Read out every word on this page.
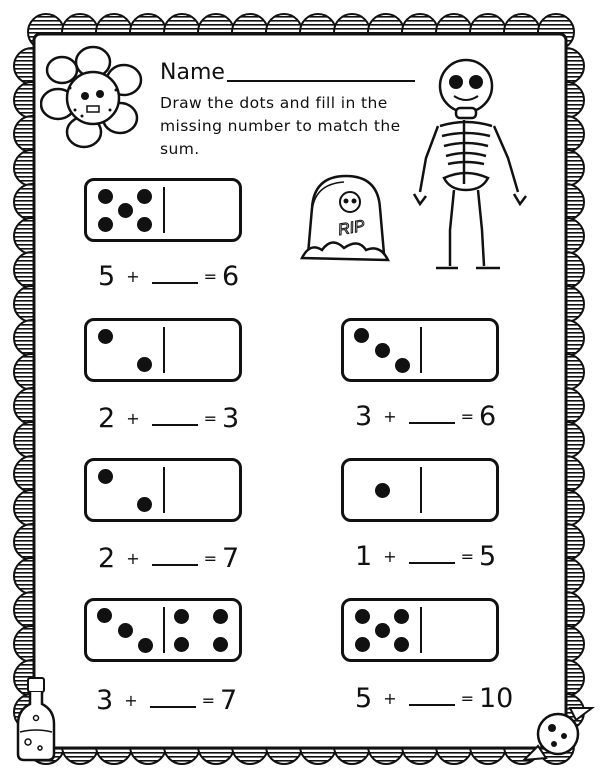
Name
Draw the dots and fill in the missing number to match the sum.
RIP
5 +	= 6
2 +	= 3	3 +	= 6
2 +	= 7	1 +	= 5
3 +	= 7	5 +	= 10
